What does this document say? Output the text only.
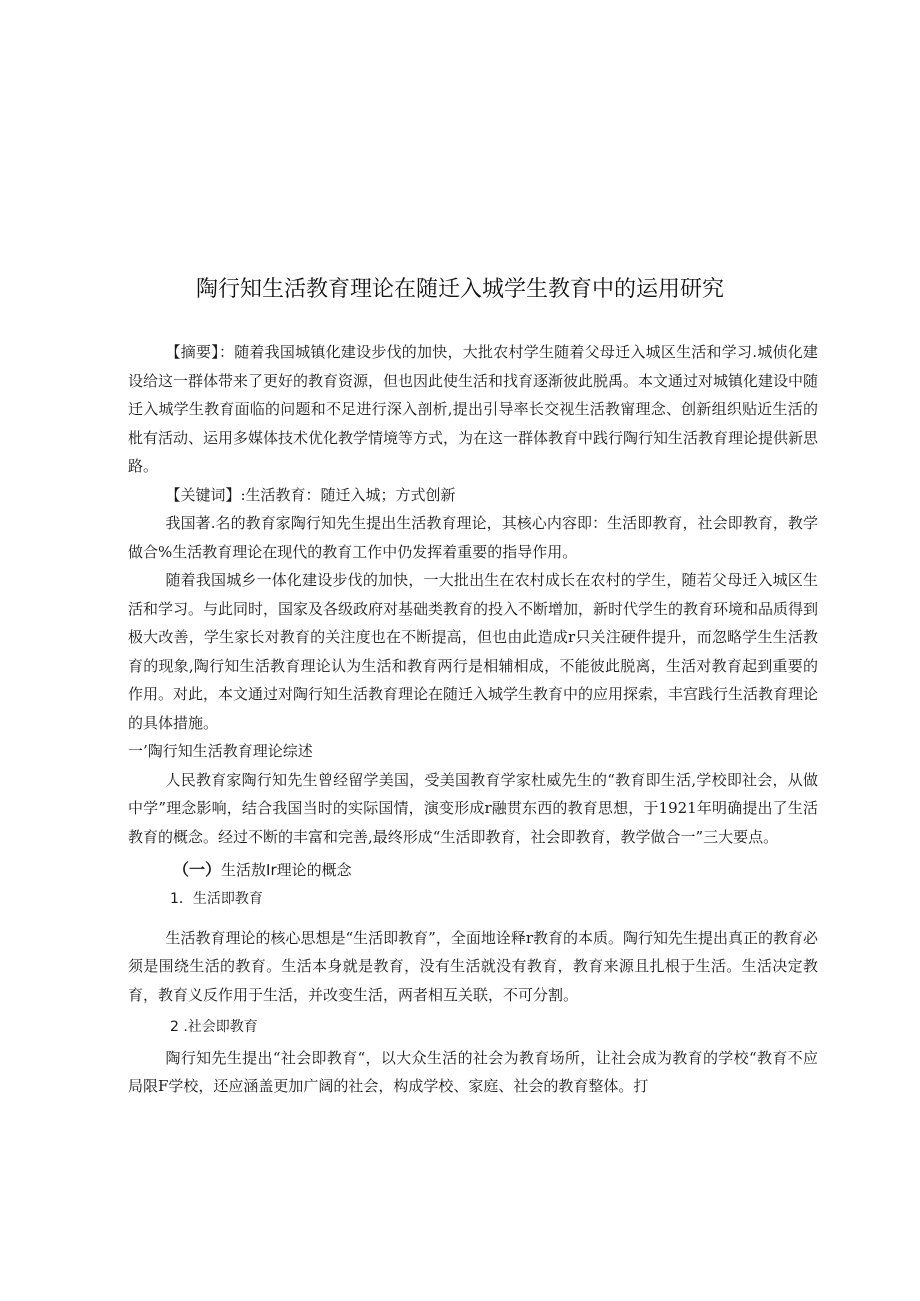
陶行知生活教育理论在随迁入城学生教育中的运用研究

【摘要】：随着我国城镇化建设步伐的加快，大批农村学生随着父母迁入城区生活和学习.城侦化建设给这一群体带来了更好的教育资源，但也因此使生活和找育逐渐彼此脱禹。本文通过对城镇化建设中随迁入城学生教育面临的问题和不足进行深入剖析,提出引导率长交视生活教甯理念、创新组织贴近生活的枇有活动、运用多媒体技术优化教学情境等方式，为在这一群体教育中践行陶行知生活教育理论提供新思路。

【关键词】:生活教育：随迁入城；方式创新

我国著.名的教育家陶行知先生提出生活教育理论，其核心内容即：生活即教育，社会即教育，教学做合%生活教育理论在现代的教育工作中仍发挥着重要的指导作用。

随着我国城乡一体化建设步伐的加快，一大批出生在农村成长在农村的学生，随若父母迁入城区生活和学习。与此同时，国家及各级政府对基础类教育的投入不断增加，新时代学生的教育环境和品质得到极大改善，学生家长对教育的关注度也在不断提高，但也由此造成r只关注硬件提升，而忽略学生生活教育的现象,陶行知生活教育理论认为生活和教育两行是相辅相成，不能彼此脱离，生活对教育起到重要的作用。对此，本文通过对陶行知生活教育理论在随迁入城学生教育中的应用探索，丰宫践行生活教育理论的具体措施。

一’陶行知生活教育理论综述

人民教育家陶行知先生曾经留学美国，受美国教育学家杜威先生的“教育即生活,学校即社会，从做中学”理念影响，结合我国当时的实际国情，演变形成r融贯东西的教育思想，于1921年明确提出了生活教育的概念。经过不断的丰富和完善,最终形成“生活即教育，社会即教育，教学做合一”三大要点。

（一）生活敖Ir理论的概念

1．生活即教育

生活教育理论的核心思想是“生活即教育”，全面地诠释r教育的本质。陶行知先生提出真正的教育必须是围绕生活的教育。生活本身就是教育，没有生活就没有教育，教育来源且扎根于生活。生活决定教育，教育义反作用于生活，并改变生活，两者相互关联，不可分割。

2 .社会即教育

陶行知先生提出“社会即教育“，以大众生活的社会为教育场所，让社会成为教育的学校“教育不应局限F学校，还应涵盖更加广阔的社会，构成学校、家庭、社会的教育整体。打
